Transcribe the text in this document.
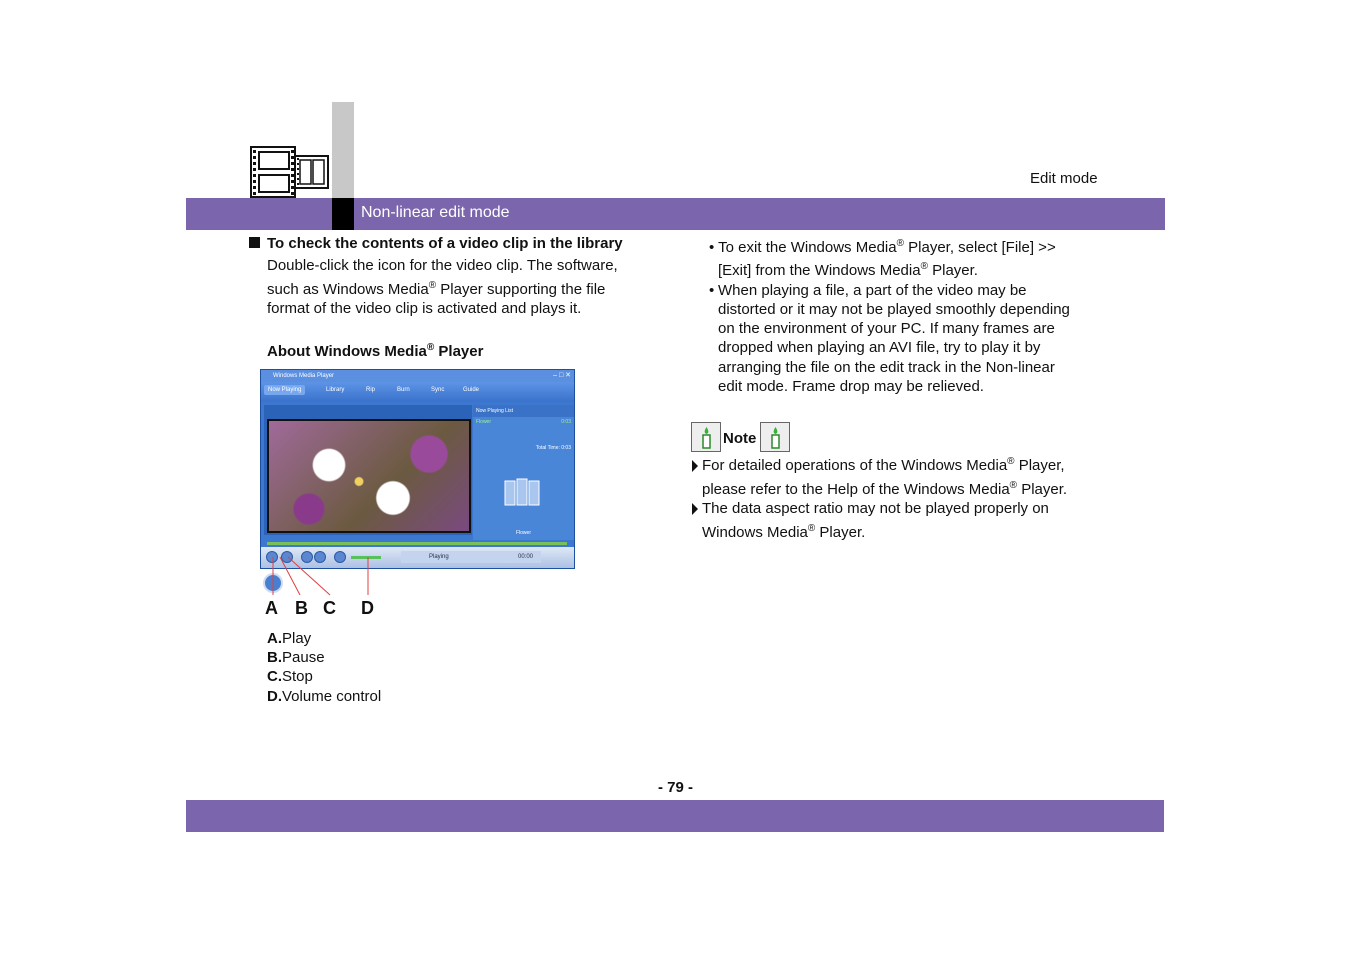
Non-linear edit mode
Edit mode
To check the contents of a video clip in the library
Double-click the icon for the video clip. The software,
such as Windows Media® Player supporting the file
format of the video clip is activated and plays it.
About Windows Media® Player
Windows Media Player	– □ ✕
Now Playing	Library	Rip	Burn	Sync	Guide
Now Playing List
Flower	0:03
Total Time: 0:03
Flower
Playing	00:00
A B C D
A.Play
B.Pause
C.Stop
D.Volume control
• To exit the Windows Media® Player, select [File] >>
[Exit] from the Windows Media® Player.
• When playing a file, a part of the video may be
distorted or it may not be played smoothly depending
on the environment of your PC. If many frames are
dropped when playing an AVI file, try to play it by
arranging the file on the edit track in the Non-linear
edit mode. Frame drop may be relieved.
Note
For detailed operations of the Windows Media® Player,
please refer to the Help of the Windows Media® Player.
The data aspect ratio may not be played properly on
Windows Media® Player.
- 79 -
